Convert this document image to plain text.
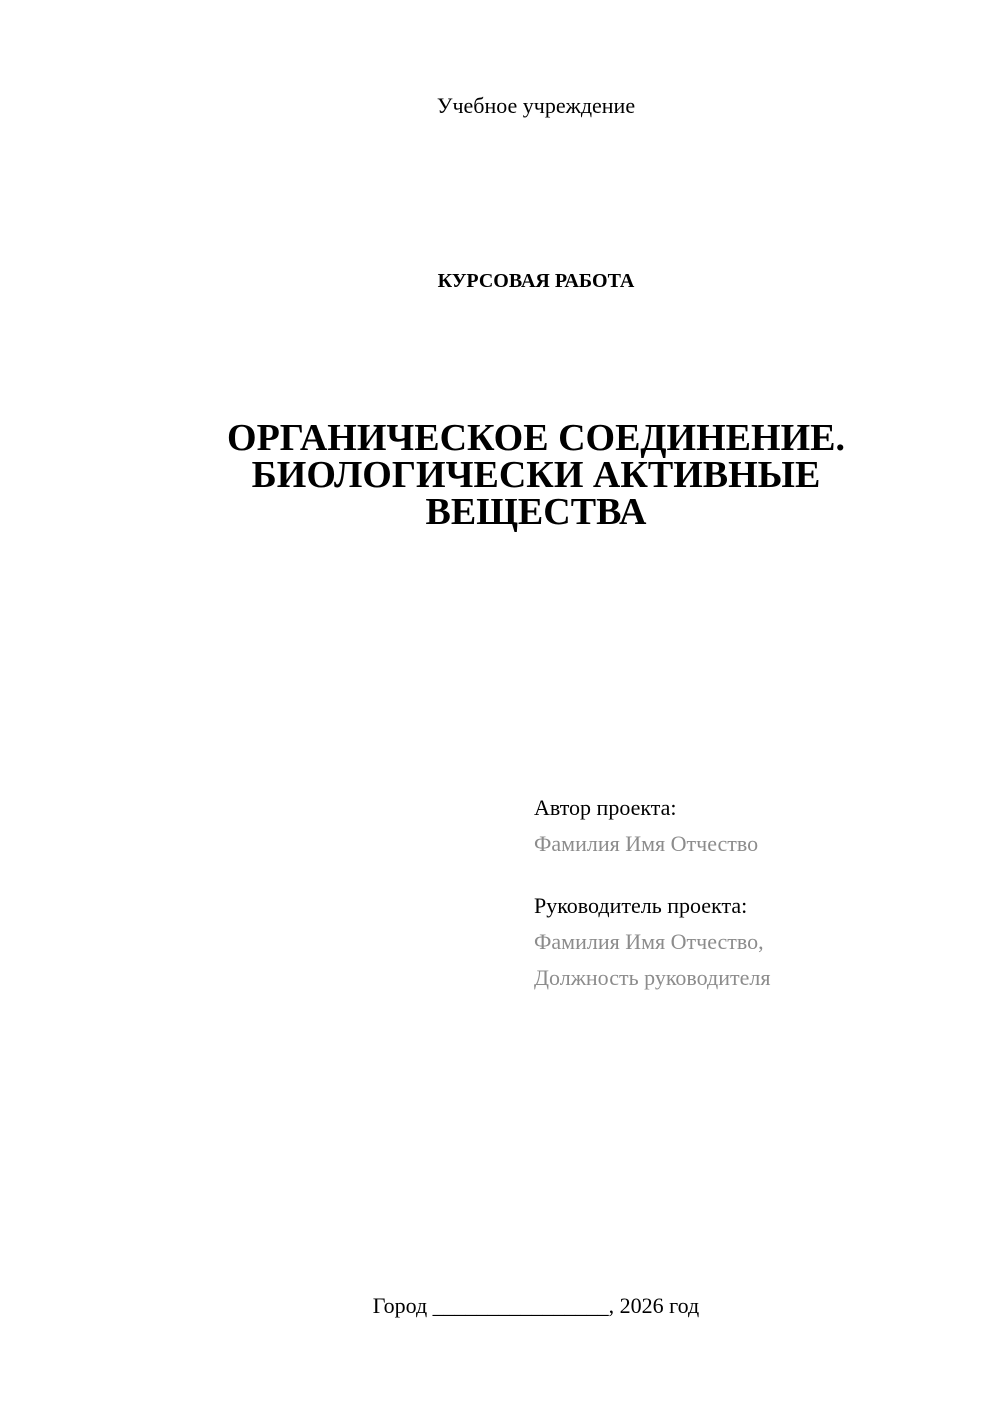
Учебное учреждение
КУРСОВАЯ РАБОТА
ОРГАНИЧЕСКОЕ СОЕДИНЕНИЕ.
БИОЛОГИЧЕСКИ АКТИВНЫЕ
ВЕЩЕСТВА
Автор проекта:
Фамилия Имя Отчество
Руководитель проекта:
Фамилия Имя Отчество,
Должность руководителя
Город ________________, 2026 год
